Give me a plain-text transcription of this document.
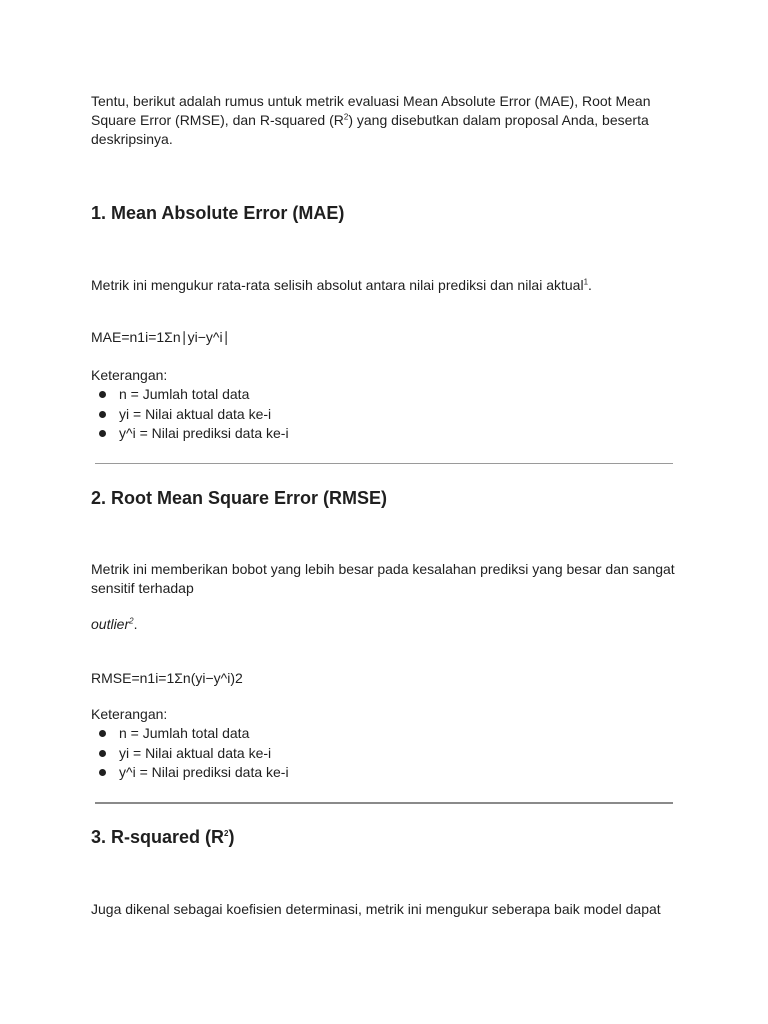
Tentu, berikut adalah rumus untuk metrik evaluasi Mean Absolute Error (MAE), Root Mean

Square Error (RMSE), dan R-squared $(R^2)$ yang disebutkan dalam proposal Anda, beserta

deskripsinya.

1. Mean Absolute Error (MAE)

Metrik ini mengukur rata-rata selisih absolut antara nilai prediksi dan nilai aktual$^1$.

MAE=n1i=1Σn∣yi−y^i∣

Keterangan:

n = Jumlah total data
yi = Nilai aktual data ke-i
y^i = Nilai prediksi data ke-i
2. Root Mean Square Error (RMSE)

Metrik ini memberikan bobot yang lebih besar pada kesalahan prediksi yang besar dan sangat

sensitif terhadap

outlier$^2$.

RMSE=n1i=1Σn(yi−y^i)2

Keterangan:

n = Jumlah total data
yi = Nilai aktual data ke-i
y^i = Nilai prediksi data ke-i
3. R-squared $(R^2)$

Juga dikenal sebagai koefisien determinasi, metrik ini mengukur seberapa baik model dapat
